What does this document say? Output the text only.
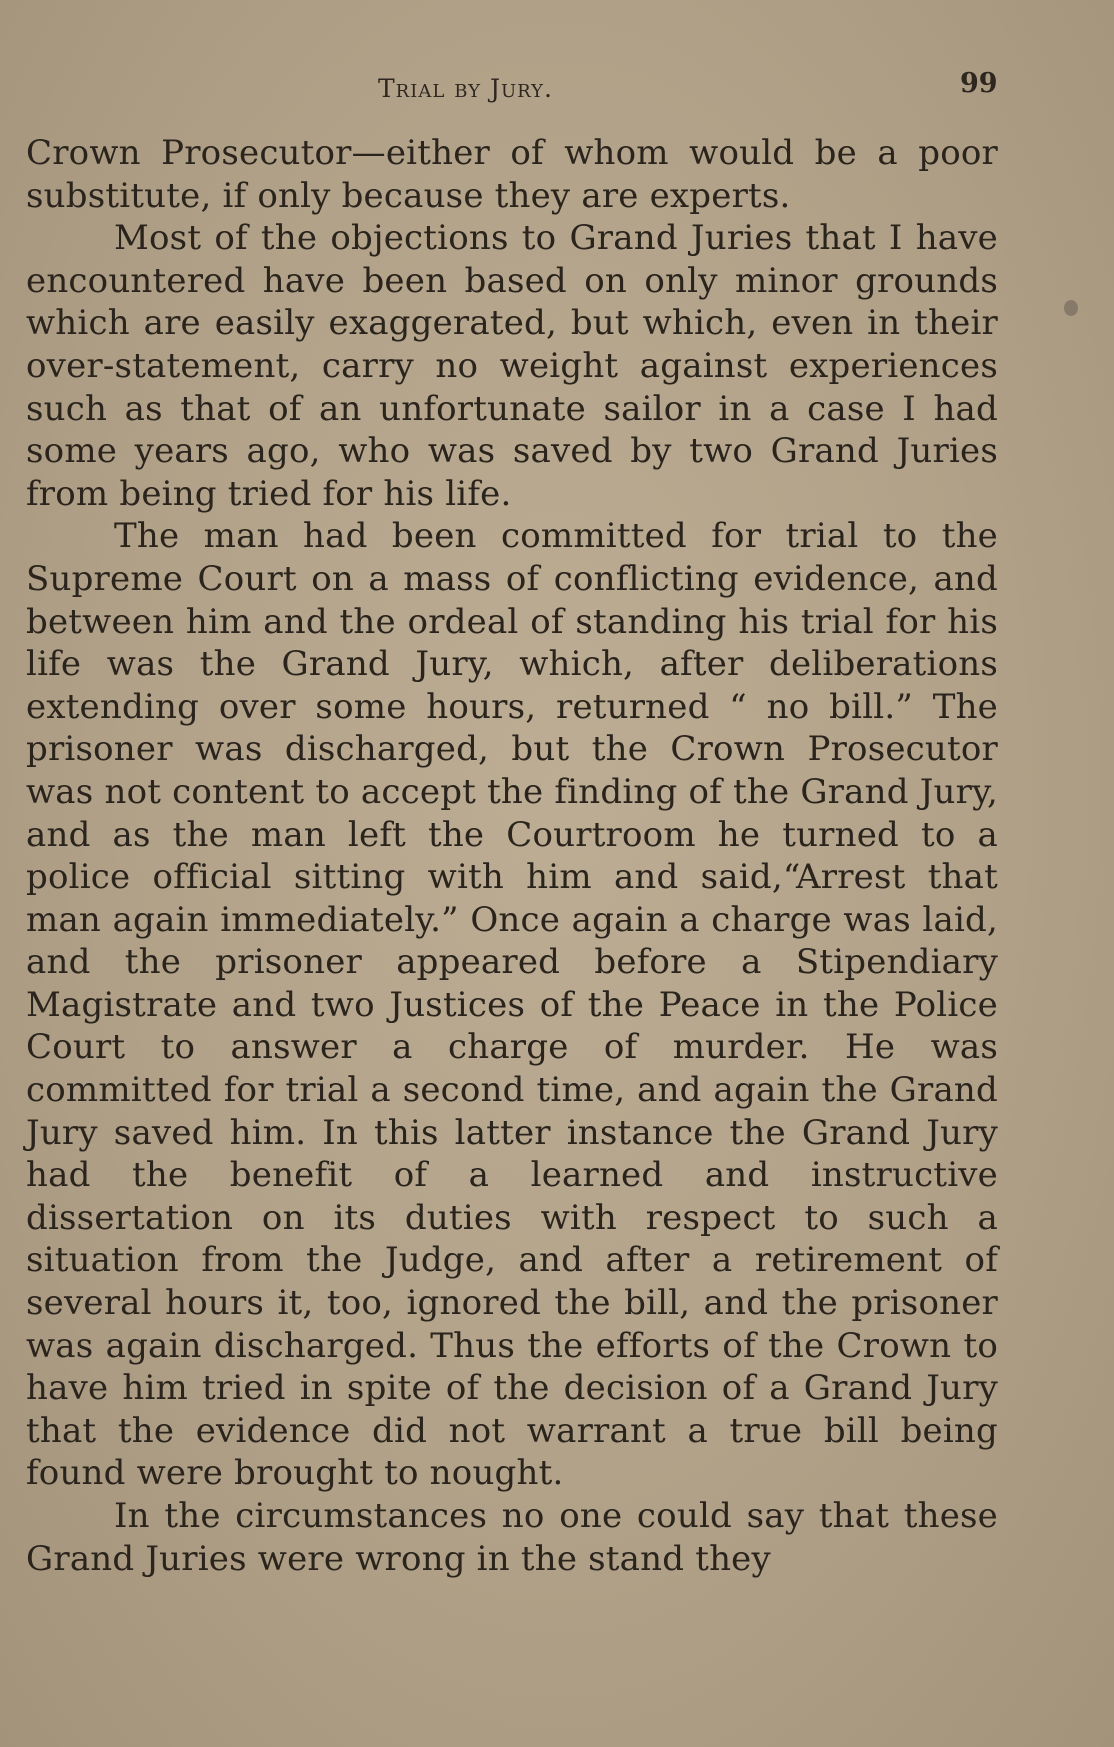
Trial by Jury.	99

Crown Prosecutor—either of whom would be a poor substitute, if only because they are experts.

Most of the objections to Grand Juries that I have encountered have been based on only minor grounds which are easily exaggerated, but which, even in their over-statement, carry no weight against experiences such as that of an unfortunate sailor in a case I had some years ago, who was saved by two Grand Juries from being tried for his life.

The man had been committed for trial to the Supreme Court on a mass of conflicting evidence, and between him and the ordeal of standing his trial for his life was the Grand Jury, which, after deliberations extending over some hours, returned “ no bill.” The prisoner was discharged, but the Crown Prosecutor was not content to accept the finding of the Grand Jury, and as the man left the Courtroom he turned to a police official sitting with him and said,“Arrest that man again immediately.” Once again a charge was laid, and the prisoner appeared before a Stipendiary Magistrate and two Justices of the Peace in the Police Court to answer a charge of murder. He was committed for trial a second time, and again the Grand Jury saved him. In this latter instance the Grand Jury had the benefit of a learned and instructive dissertation on its duties with respect to such a situation from the Judge, and after a retirement of several hours it, too, ignored the bill, and the prisoner was again discharged. Thus the efforts of the Crown to have him tried in spite of the decision of a Grand Jury that the evidence did not warrant a true bill being found were brought to nought.

In the circumstances no one could say that these Grand Juries were wrong in the stand they
